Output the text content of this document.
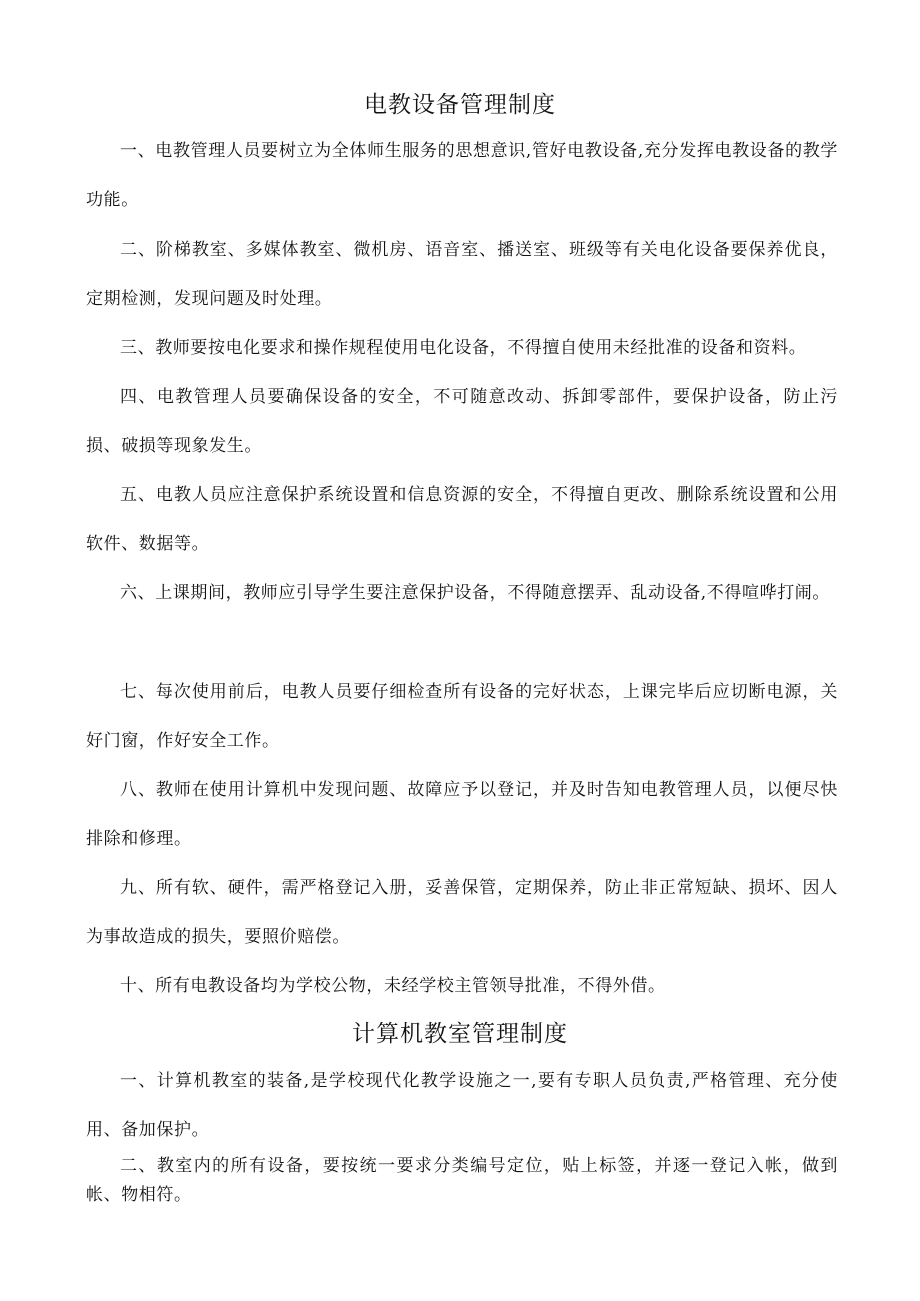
电教设备管理制度

一、电教管理人员要树立为全体师生服务的思想意识,管好电教设备,充分发挥电教设备的教学功能。

二、阶梯教室、多媒体教室、微机房、语音室、播送室、班级等有关电化设备要保养优良，定期检测，发现问题及时处理。

三、教师要按电化要求和操作规程使用电化设备，不得擅自使用未经批准的设备和资料。

四、电教管理人员要确保设备的安全，不可随意改动、拆卸零部件，要保护设备，防止污损、破损等现象发生。

五、电教人员应注意保护系统设置和信息资源的安全，不得擅自更改、删除系统设置和公用软件、数据等。

六、上课期间，教师应引导学生要注意保护设备，不得随意摆弄、乱动设备,不得喧哗打闹。

七、每次使用前后，电教人员要仔细检查所有设备的完好状态，上课完毕后应切断电源，关好门窗，作好安全工作。

八、教师在使用计算机中发现问题、故障应予以登记，并及时告知电教管理人员，以便尽快排除和修理。

九、所有软、硬件，需严格登记入册，妥善保管，定期保养，防止非正常短缺、损坏、因人为事故造成的损失，要照价赔偿。

十、所有电教设备均为学校公物，未经学校主管领导批准，不得外借。

计算机教室管理制度

一、计算机教室的装备,是学校现代化教学设施之一,要有专职人员负责,严格管理、充分使用、备加保护。

二、教室内的所有设备，要按统一要求分类编号定位，贴上标签，并逐一登记入帐，做到帐、物相符。
